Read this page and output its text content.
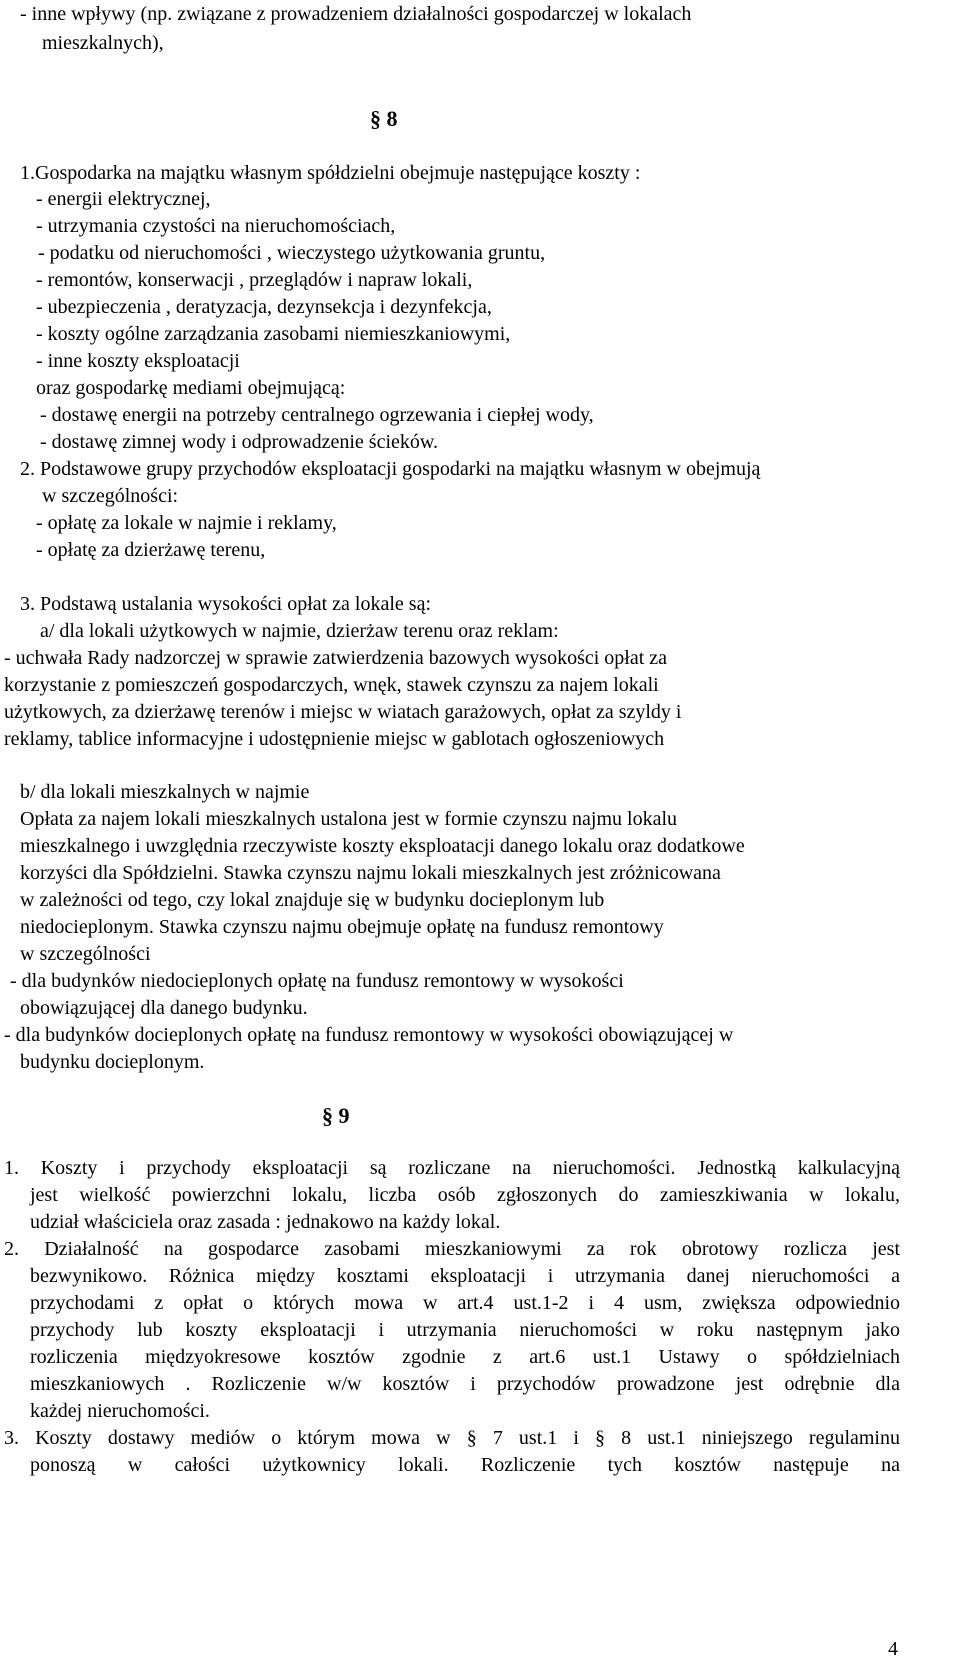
- inne wpływy (np. związane z prowadzeniem działalności gospodarczej w lokalach
mieszkalnych),
§ 8
1.Gospodarka na majątku własnym spółdzielni obejmuje następujące koszty :
- energii elektrycznej,
- utrzymania czystości na nieruchomościach,
- podatku od nieruchomości , wieczystego użytkowania gruntu,
- remontów, konserwacji , przeglądów i napraw lokali,
- ubezpieczenia , deratyzacja, dezynsekcja i dezynfekcja,
- koszty ogólne zarządzania zasobami niemieszkaniowymi,
- inne koszty eksploatacji
oraz gospodarkę mediami obejmującą:
- dostawę energii na potrzeby centralnego ogrzewania i ciepłej wody,
- dostawę zimnej wody i odprowadzenie ścieków.
2. Podstawowe grupy przychodów eksploatacji gospodarki na majątku własnym w obejmują
w szczególności:
- opłatę za lokale w najmie i reklamy,
- opłatę za dzierżawę terenu,
3. Podstawą ustalania wysokości opłat za lokale są:
a/ dla lokali użytkowych w najmie, dzierżaw terenu oraz reklam:
- uchwała Rady nadzorczej w sprawie zatwierdzenia bazowych wysokości opłat za
korzystanie z pomieszczeń gospodarczych, wnęk, stawek czynszu za najem lokali
użytkowych, za dzierżawę terenów i miejsc w wiatach garażowych, opłat za szyldy i
reklamy, tablice informacyjne i udostępnienie miejsc w gablotach ogłoszeniowych
b/ dla lokali mieszkalnych w najmie
Opłata za najem lokali mieszkalnych ustalona jest w formie czynszu najmu lokalu
mieszkalnego i uwzględnia rzeczywiste koszty eksploatacji danego lokalu oraz dodatkowe
korzyści dla Spółdzielni. Stawka czynszu najmu lokali mieszkalnych jest zróżnicowana
w zależności od tego, czy lokal znajduje się w budynku docieplonym lub
niedocieplonym. Stawka czynszu najmu obejmuje opłatę na fundusz remontowy
w szczególności
- dla budynków niedocieplonych opłatę na fundusz remontowy w wysokości
obowiązującej dla danego budynku.
- dla budynków docieplonych opłatę na fundusz remontowy w wysokości obowiązującej w
budynku docieplonym.
§ 9
1. Koszty i przychody eksploatacji są rozliczane na nieruchomości. Jednostką kalkulacyjną
jest wielkość powierzchni lokalu, liczba osób zgłoszonych do zamieszkiwania w lokalu,
udział właściciela oraz zasada : jednakowo na każdy lokal.
2. Działalność na gospodarce zasobami mieszkaniowymi za rok obrotowy rozlicza jest
bezwynikowo. Różnica między kosztami eksploatacji i utrzymania danej nieruchomości a
przychodami z opłat o których mowa w art.4 ust.1-2 i 4 usm, zwiększa odpowiednio
przychody lub koszty eksploatacji i utrzymania nieruchomości w roku następnym jako
rozliczenia międzyokresowe kosztów zgodnie z art.6 ust.1 Ustawy o spółdzielniach
mieszkaniowych . Rozliczenie w/w kosztów i przychodów prowadzone jest odrębnie dla
każdej nieruchomości.
3. Koszty dostawy mediów o którym mowa w § 7 ust.1 i § 8 ust.1 niniejszego regulaminu
ponoszą w całości użytkownicy lokali. Rozliczenie tych kosztów następuje na
4
